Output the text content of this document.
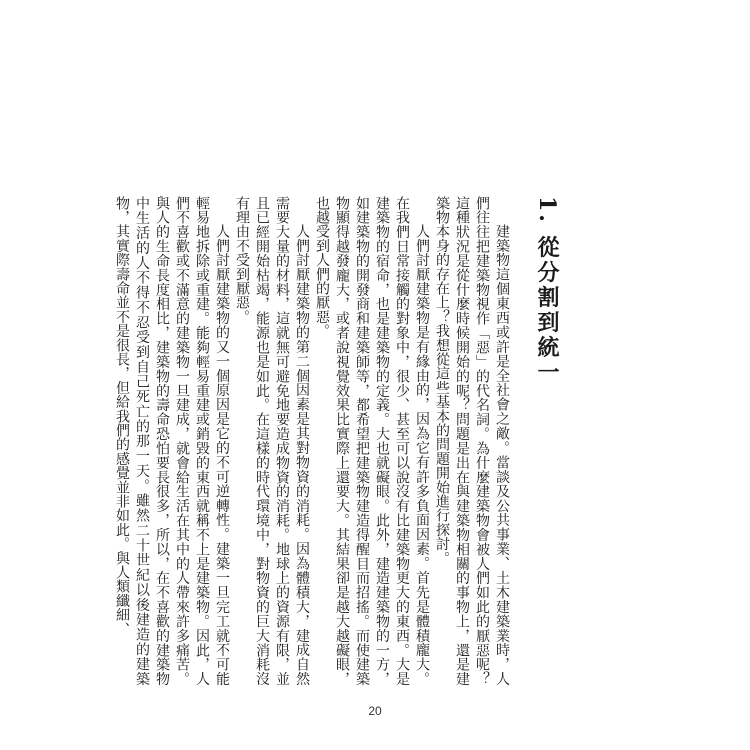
1. 從分割到統一

建築物這個東西或許是全社會之敵。當談及公共事業、土木建築業時，人們往往把建築物視作「惡」的代名詞。為什麼建築物會被人們如此的厭惡呢？這種狀況是從什麼時候開始的呢？問題是出在與建築物相關的事物上，還是建築物本身的存在上？我想從這些基本的問題開始進行探討。

人們討厭建築物是有緣由的，因為它有許多負面因素。首先是體積龐大。在我們日常接觸的對象中，很少、甚至可以說沒有比建築物更大的東西。大是建築物的宿命，也是建築物的定義。大也就礙眼。此外，建造建築物的一方，如建築物的開發商和建築師等，都希望把建築物建造得醒目而招搖。而使建築物顯得越發龐大，或者說視覺效果比實際上還要大。其結果卻是越大越礙眼，也越受到人們的厭惡。

人們討厭建築物的第二個因素是其對物資的消耗。因為體積大，建成自然需要大量的材料，這就無可避免地要造成物資的消耗。地球上的資源有限，並且已經開始枯竭，能源也是如此。在這樣的時代環境中，對物資的巨大消耗沒有理由不受到厭惡。

人們討厭建築物的又一個原因是它的不可逆轉性。建築一旦完工就不可能輕易地拆除或重建。能夠輕易重建或銷毀的東西就稱不上是建築物。因此，人們不喜歡或不滿意的建築物一旦建成，就會給生活在其中的人帶來許多痛苦。與人的生命長度相比，建築物的壽命恐怕要長很多，所以，在不喜歡的建築物中生活的人不得不忍受到自己死亡的那一天。雖然二十世紀以後建造的建築物，其實際壽命並不是很長，但給我們的感覺並非如此。與人類纖細、

20
